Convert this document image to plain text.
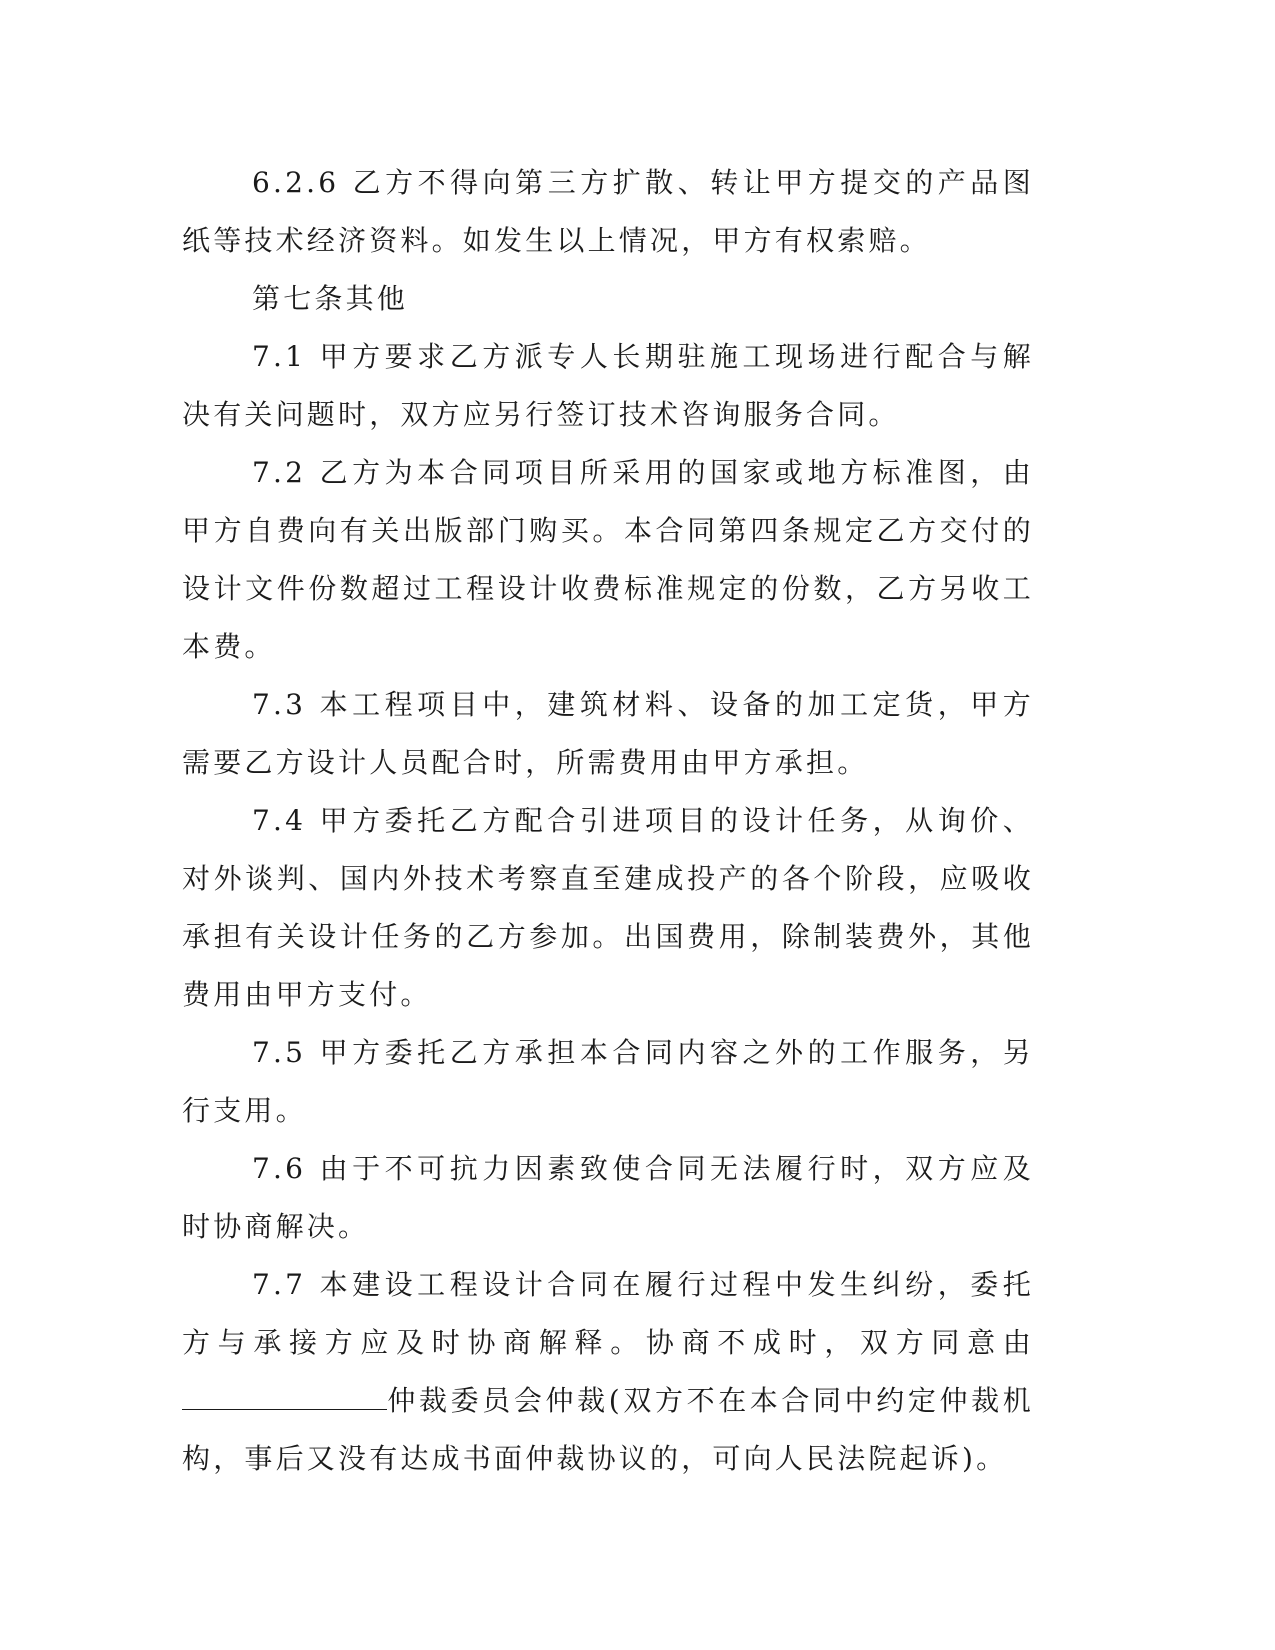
6.2.6 乙方不得向第三方扩散、转让甲方提交的产品图纸等技术经济资料。如发生以上情况，甲方有权索赔。

第七条其他

7.1 甲方要求乙方派专人长期驻施工现场进行配合与解决有关问题时，双方应另行签订技术咨询服务合同。

7.2 乙方为本合同项目所采用的国家或地方标准图，由甲方自费向有关出版部门购买。本合同第四条规定乙方交付的设计文件份数超过工程设计收费标准规定的份数，乙方另收工本费。

7.3 本工程项目中，建筑材料、设备的加工定货，甲方需要乙方设计人员配合时，所需费用由甲方承担。

7.4 甲方委托乙方配合引进项目的设计任务，从询价、对外谈判、国内外技术考察直至建成投产的各个阶段，应吸收承担有关设计任务的乙方参加。出国费用，除制装费外，其他费用由甲方支付。

7.5 甲方委托乙方承担本合同内容之外的工作服务，另行支用。

7.6 由于不可抗力因素致使合同无法履行时，双方应及时协商解决。

7.7 本建设工程设计合同在履行过程中发生纠纷，委托方与承接方应及时协商解释。协商不成时，双方同意由仲裁委员会仲裁(双方不在本合同中约定仲裁机构，事后又没有达成书面仲裁协议的，可向人民法院起诉)。
